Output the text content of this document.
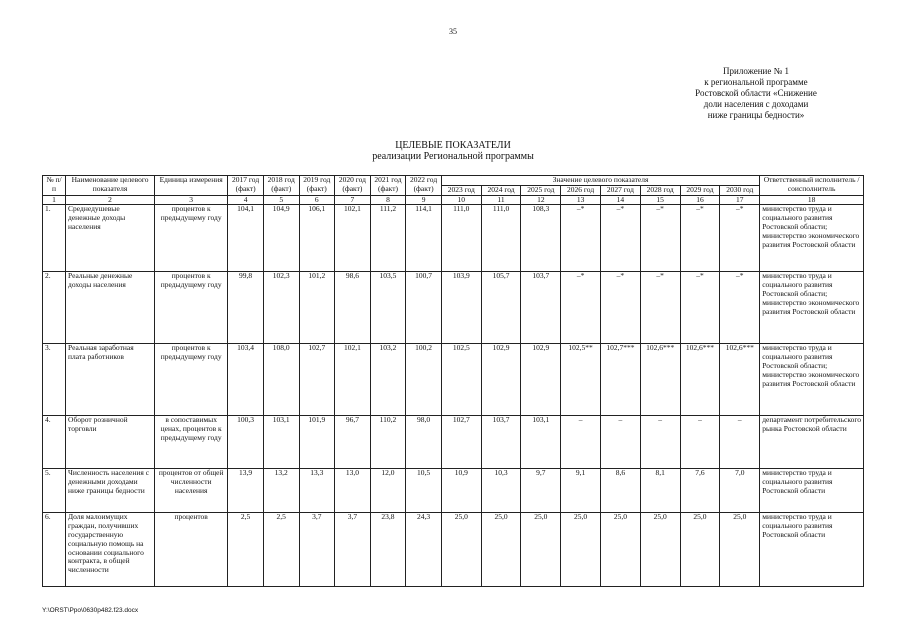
35
Приложение № 1
к региональной программе
Ростовской области «Снижение
доли населения с доходами
ниже границы бедности»
ЦЕЛЕВЫЕ ПОКАЗАТЕЛИ
реализации Региональной программы
№ п/п	Наименование целевого показателя	Единица измерения	2017 год (факт)	2018 год (факт)	2019 год (факт)	2020 год (факт)	2021 год (факт)	2022 год (факт)	Значение целевого показателя								Ответственный исполнитель / соисполнитель
									2023 год	2024 год	2025 год	2026 год	2027 год	2028 год	2029 год	2030 год	
1	2	3	4	5	6	7	8	9	10	11	12	13	14	15	16	17	18
1.	Среднедушевые денежные доходы населения	процентов к предыдущему году	104,1	104,9	106,1	102,1	111,2	114,1	111,0	111,0	108,3	–*	–*	–*	–*	–*	министерство труда и социального развития Ростовской области; министерство экономического развития Ростовской области
2.	Реальные денежные доходы населения	процентов к предыдущему году	99,8	102,3	101,2	98,6	103,5	100,7	103,9	105,7	103,7	–*	–*	–*	–*	–*	министерство труда и социального развития Ростовской области; министерство экономического развития Ростовской области
3.	Реальная заработная плата работников	процентов к предыдущему году	103,4	108,0	102,7	102,1	103,2	100,2	102,5	102,9	102,9	102,5**	102,7***	102,6***	102,6***	102,6***	министерство труда и социального развития Ростовской области; министерство экономического развития Ростовской области
4.	Оборот розничной торговли	в сопоставимых ценах, процентов к предыдущему году	100,3	103,1	101,9	96,7	110,2	98,0	102,7	103,7	103,1	–	–	–	–	–	департамент потребительского рынка Ростовской области
5.	Численность населения с денежными доходами ниже границы бедности	процентов от общей численности населения	13,9	13,2	13,3	13,0	12,0	10,5	10,9	10,3	9,7	9,1	8,6	8,1	7,6	7,0	министерство труда и социального развития Ростовской области
6.	Доля малоимущих граждан, получивших государственную социальную помощь на основании социального контракта, в общей численности	процентов	2,5	2,5	3,7	3,7	23,8	24,3	25,0	25,0	25,0	25,0	25,0	25,0	25,0	25,0	министерство труда и социального развития Ростовской области
Y:\ORST\Ppo\0630p482.f23.docx
